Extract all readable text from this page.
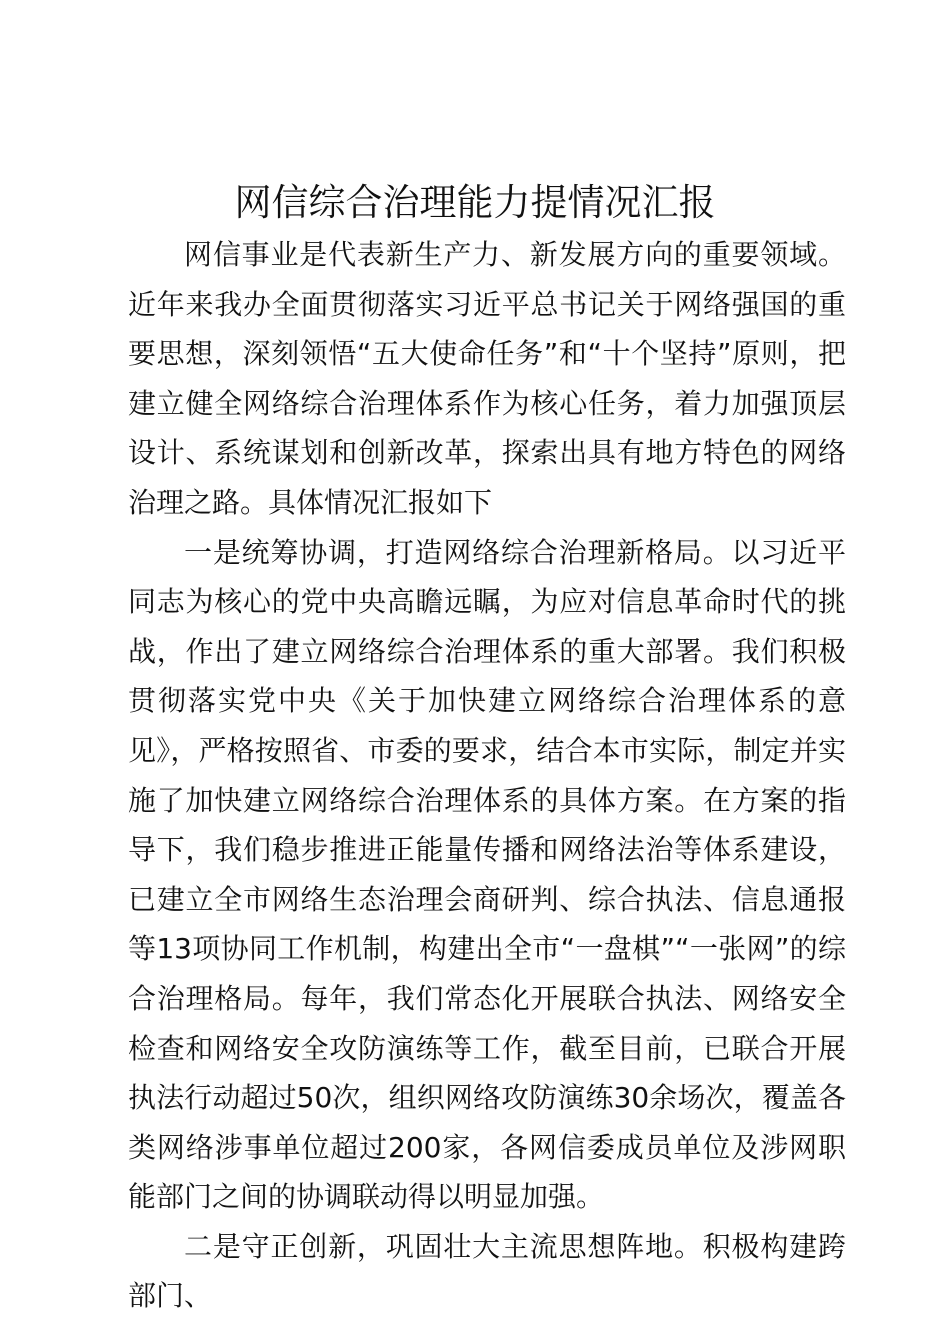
网信综合治理能力提情况汇报

网信事业是代表新生产力、新发展方向的重要领域。近年来我办全面贯彻落实习近平总书记关于网络强国的重要思想，深刻领悟“五大使命任务”和“十个坚持”原则，把建立健全网络综合治理体系作为核心任务，着力加强顶层设计、系统谋划和创新改革，探索出具有地方特色的网络治理之路。具体情况汇报如下

一是统筹协调，打造网络综合治理新格局。以习近平同志为核心的党中央高瞻远瞩，为应对信息革命时代的挑战，作出了建立网络综合治理体系的重大部署。我们积极贯彻落实党中央《关于加快建立网络综合治理体系的意见》，严格按照省、市委的要求，结合本市实际，制定并实施了加快建立网络综合治理体系的具体方案。在方案的指导下，我们稳步推进正能量传播和网络法治等体系建设，已建立全市网络生态治理会商研判、综合执法、信息通报等13项协同工作机制，构建出全市“一盘棋”“一张网”的综合治理格局。每年，我们常态化开展联合执法、网络安全检查和网络安全攻防演练等工作，截至目前，已联合开展执法行动超过50次，组织网络攻防演练30余场次，覆盖各类网络涉事单位超过200家，各网信委成员单位及涉网职能部门之间的协调联动得以明显加强。

二是守正创新，巩固壮大主流思想阵地。积极构建跨部门、
